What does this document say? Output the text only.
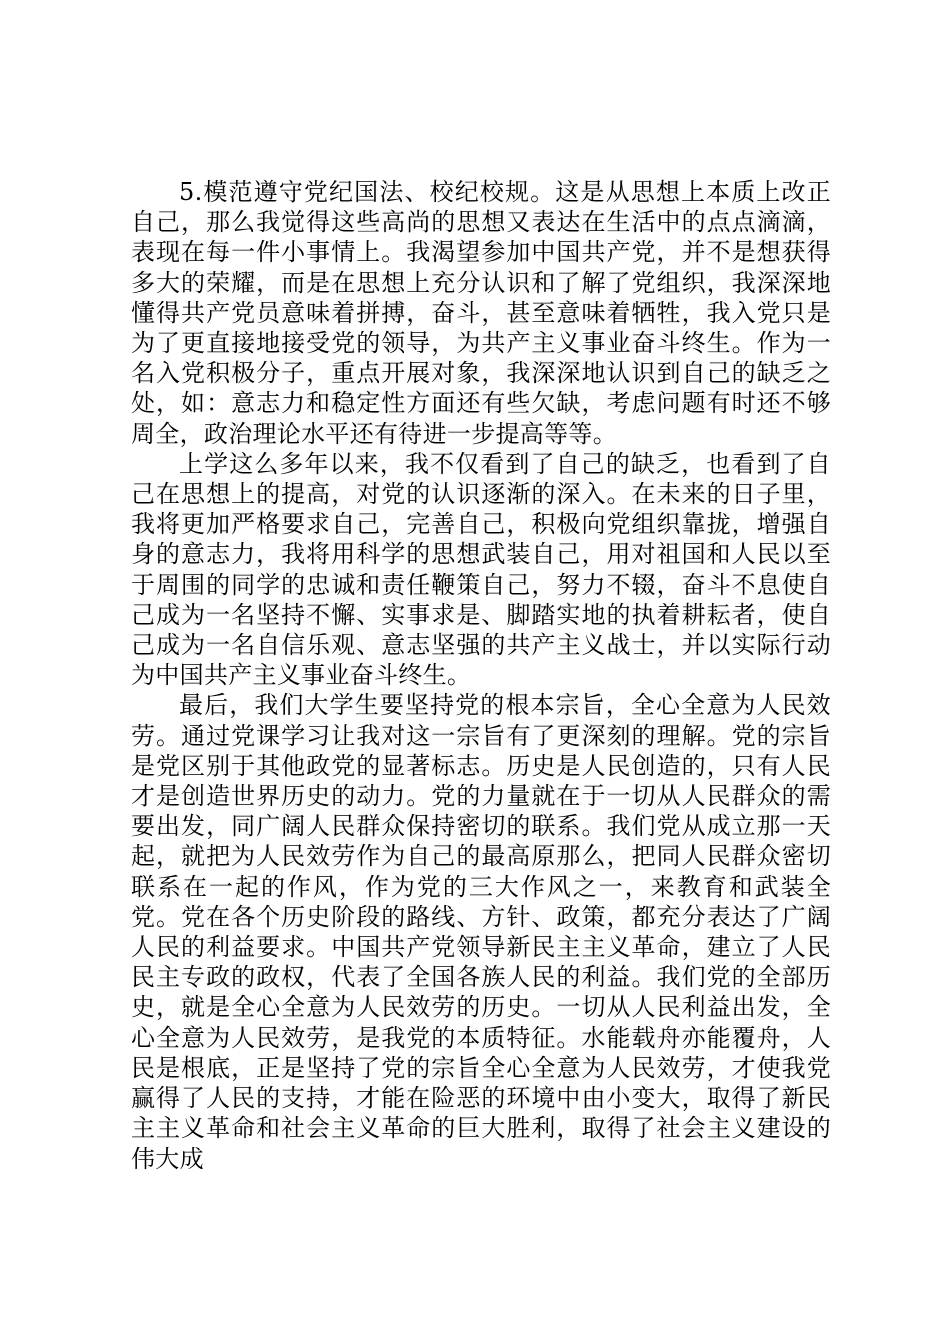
5.模范遵守党纪国法、校纪校规。这是从思想上本质上改正自己，那么我觉得这些高尚的思想又表达在生活中的点点滴滴，表现在每一件小事情上。我渴望参加中国共产党，并不是想获得多大的荣耀，而是在思想上充分认识和了解了党组织，我深深地懂得共产党员意味着拼搏，奋斗，甚至意味着牺牲，我入党只是为了更直接地接受党的领导，为共产主义事业奋斗终生。作为一名入党积极分子，重点开展对象，我深深地认识到自己的缺乏之处，如：意志力和稳定性方面还有些欠缺，考虑问题有时还不够周全，政治理论水平还有待进一步提高等等。

上学这么多年以来，我不仅看到了自己的缺乏，也看到了自己在思想上的提高，对党的认识逐渐的深入。在未来的日子里，我将更加严格要求自己，完善自己，积极向党组织靠拢，增强自身的意志力，我将用科学的思想武装自己，用对祖国和人民以至于周围的同学的忠诚和责任鞭策自己，努力不辍，奋斗不息使自己成为一名坚持不懈、实事求是、脚踏实地的执着耕耘者，使自己成为一名自信乐观、意志坚强的共产主义战士，并以实际行动为中国共产主义事业奋斗终生。

最后，我们大学生要坚持党的根本宗旨，全心全意为人民效劳。通过党课学习让我对这一宗旨有了更深刻的理解。党的宗旨是党区别于其他政党的显著标志。历史是人民创造的，只有人民才是创造世界历史的动力。党的力量就在于一切从人民群众的需要出发，同广阔人民群众保持密切的联系。我们党从成立那一天起，就把为人民效劳作为自己的最高原那么，把同人民群众密切联系在一起的作风，作为党的三大作风之一，来教育和武装全党。党在各个历史阶段的路线、方针、政策，都充分表达了广阔人民的利益要求。中国共产党领导新民主主义革命，建立了人民民主专政的政权，代表了全国各族人民的利益。我们党的全部历史，就是全心全意为人民效劳的历史。一切从人民利益出发，全心全意为人民效劳，是我党的本质特征。水能载舟亦能覆舟，人民是根底，正是坚持了党的宗旨全心全意为人民效劳，才使我党赢得了人民的支持，才能在险恶的环境中由小变大，取得了新民主主义革命和社会主义革命的巨大胜利，取得了社会主义建设的伟大成
